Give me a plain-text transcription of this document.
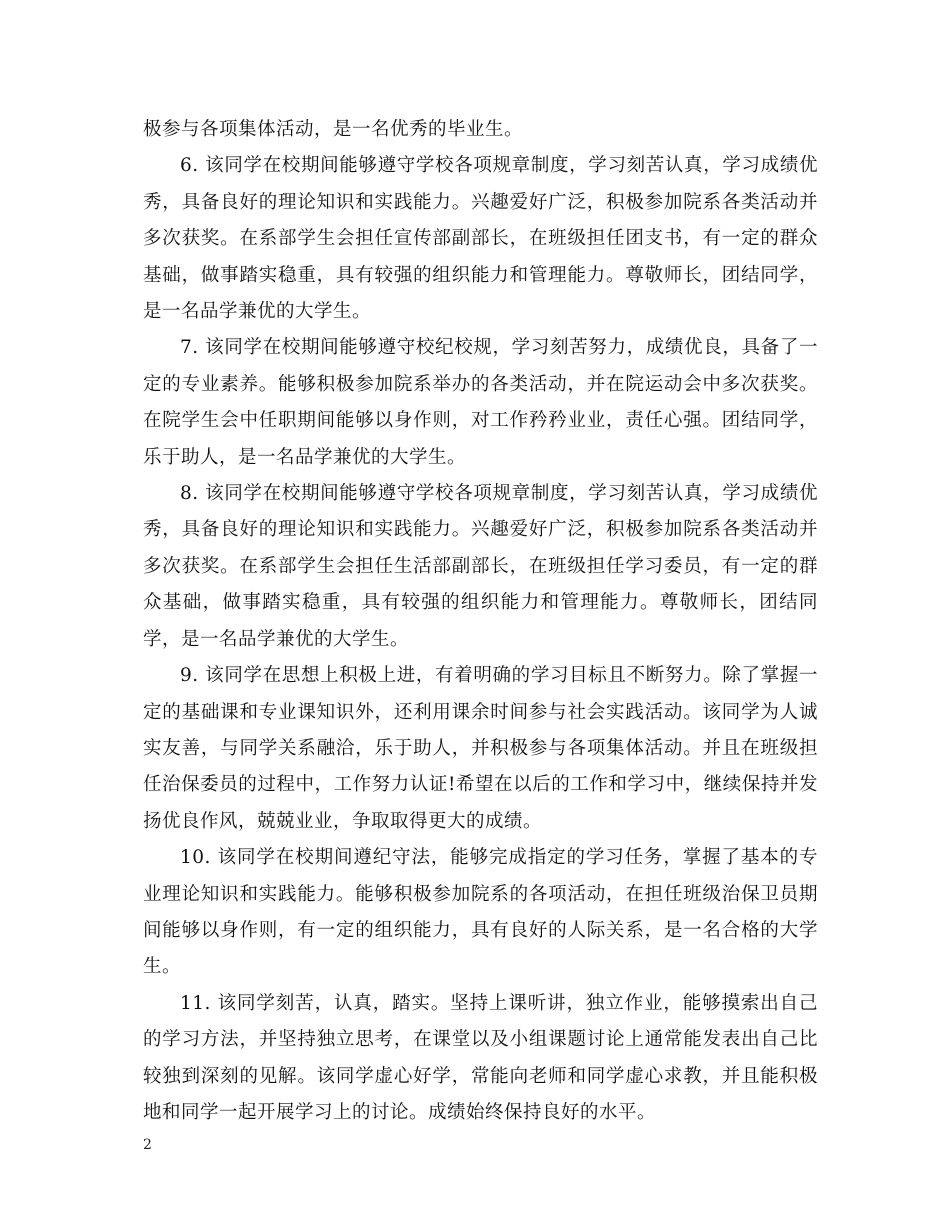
极参与各项集体活动，是一名优秀的毕业生。

6. 该同学在校期间能够遵守学校各项规章制度，学习刻苦认真，学习成绩优秀，具备良好的理论知识和实践能力。兴趣爱好广泛，积极参加院系各类活动并多次获奖。在系部学生会担任宣传部副部长，在班级担任团支书，有一定的群众基础，做事踏实稳重，具有较强的组织能力和管理能力。尊敬师长，团结同学，是一名品学兼优的大学生。

7. 该同学在校期间能够遵守校纪校规，学习刻苦努力，成绩优良，具备了一定的专业素养。能够积极参加院系举办的各类活动，并在院运动会中多次获奖。在院学生会中任职期间能够以身作则，对工作矜矜业业，责任心强。团结同学，乐于助人，是一名品学兼优的大学生。

8. 该同学在校期间能够遵守学校各项规章制度，学习刻苦认真，学习成绩优秀，具备良好的理论知识和实践能力。兴趣爱好广泛，积极参加院系各类活动并多次获奖。在系部学生会担任生活部副部长，在班级担任学习委员，有一定的群众基础，做事踏实稳重，具有较强的组织能力和管理能力。尊敬师长，团结同学，是一名品学兼优的大学生。

9. 该同学在思想上积极上进，有着明确的学习目标且不断努力。除了掌握一定的基础课和专业课知识外，还利用课余时间参与社会实践活动。该同学为人诚实友善，与同学关系融洽，乐于助人，并积极参与各项集体活动。并且在班级担任治保委员的过程中，工作努力认证!希望在以后的工作和学习中，继续保持并发扬优良作风，兢兢业业，争取取得更大的成绩。

10. 该同学在校期间遵纪守法，能够完成指定的学习任务，掌握了基本的专业理论知识和实践能力。能够积极参加院系的各项活动，在担任班级治保卫员期间能够以身作则，有一定的组织能力，具有良好的人际关系，是一名合格的大学生。

11. 该同学刻苦，认真，踏实。坚持上课听讲，独立作业，能够摸索出自己的学习方法，并坚持独立思考，在课堂以及小组课题讨论上通常能发表出自己比较独到深刻的见解。该同学虚心好学，常能向老师和同学虚心求教，并且能积极地和同学一起开展学习上的讨论。成绩始终保持良好的水平。

2
